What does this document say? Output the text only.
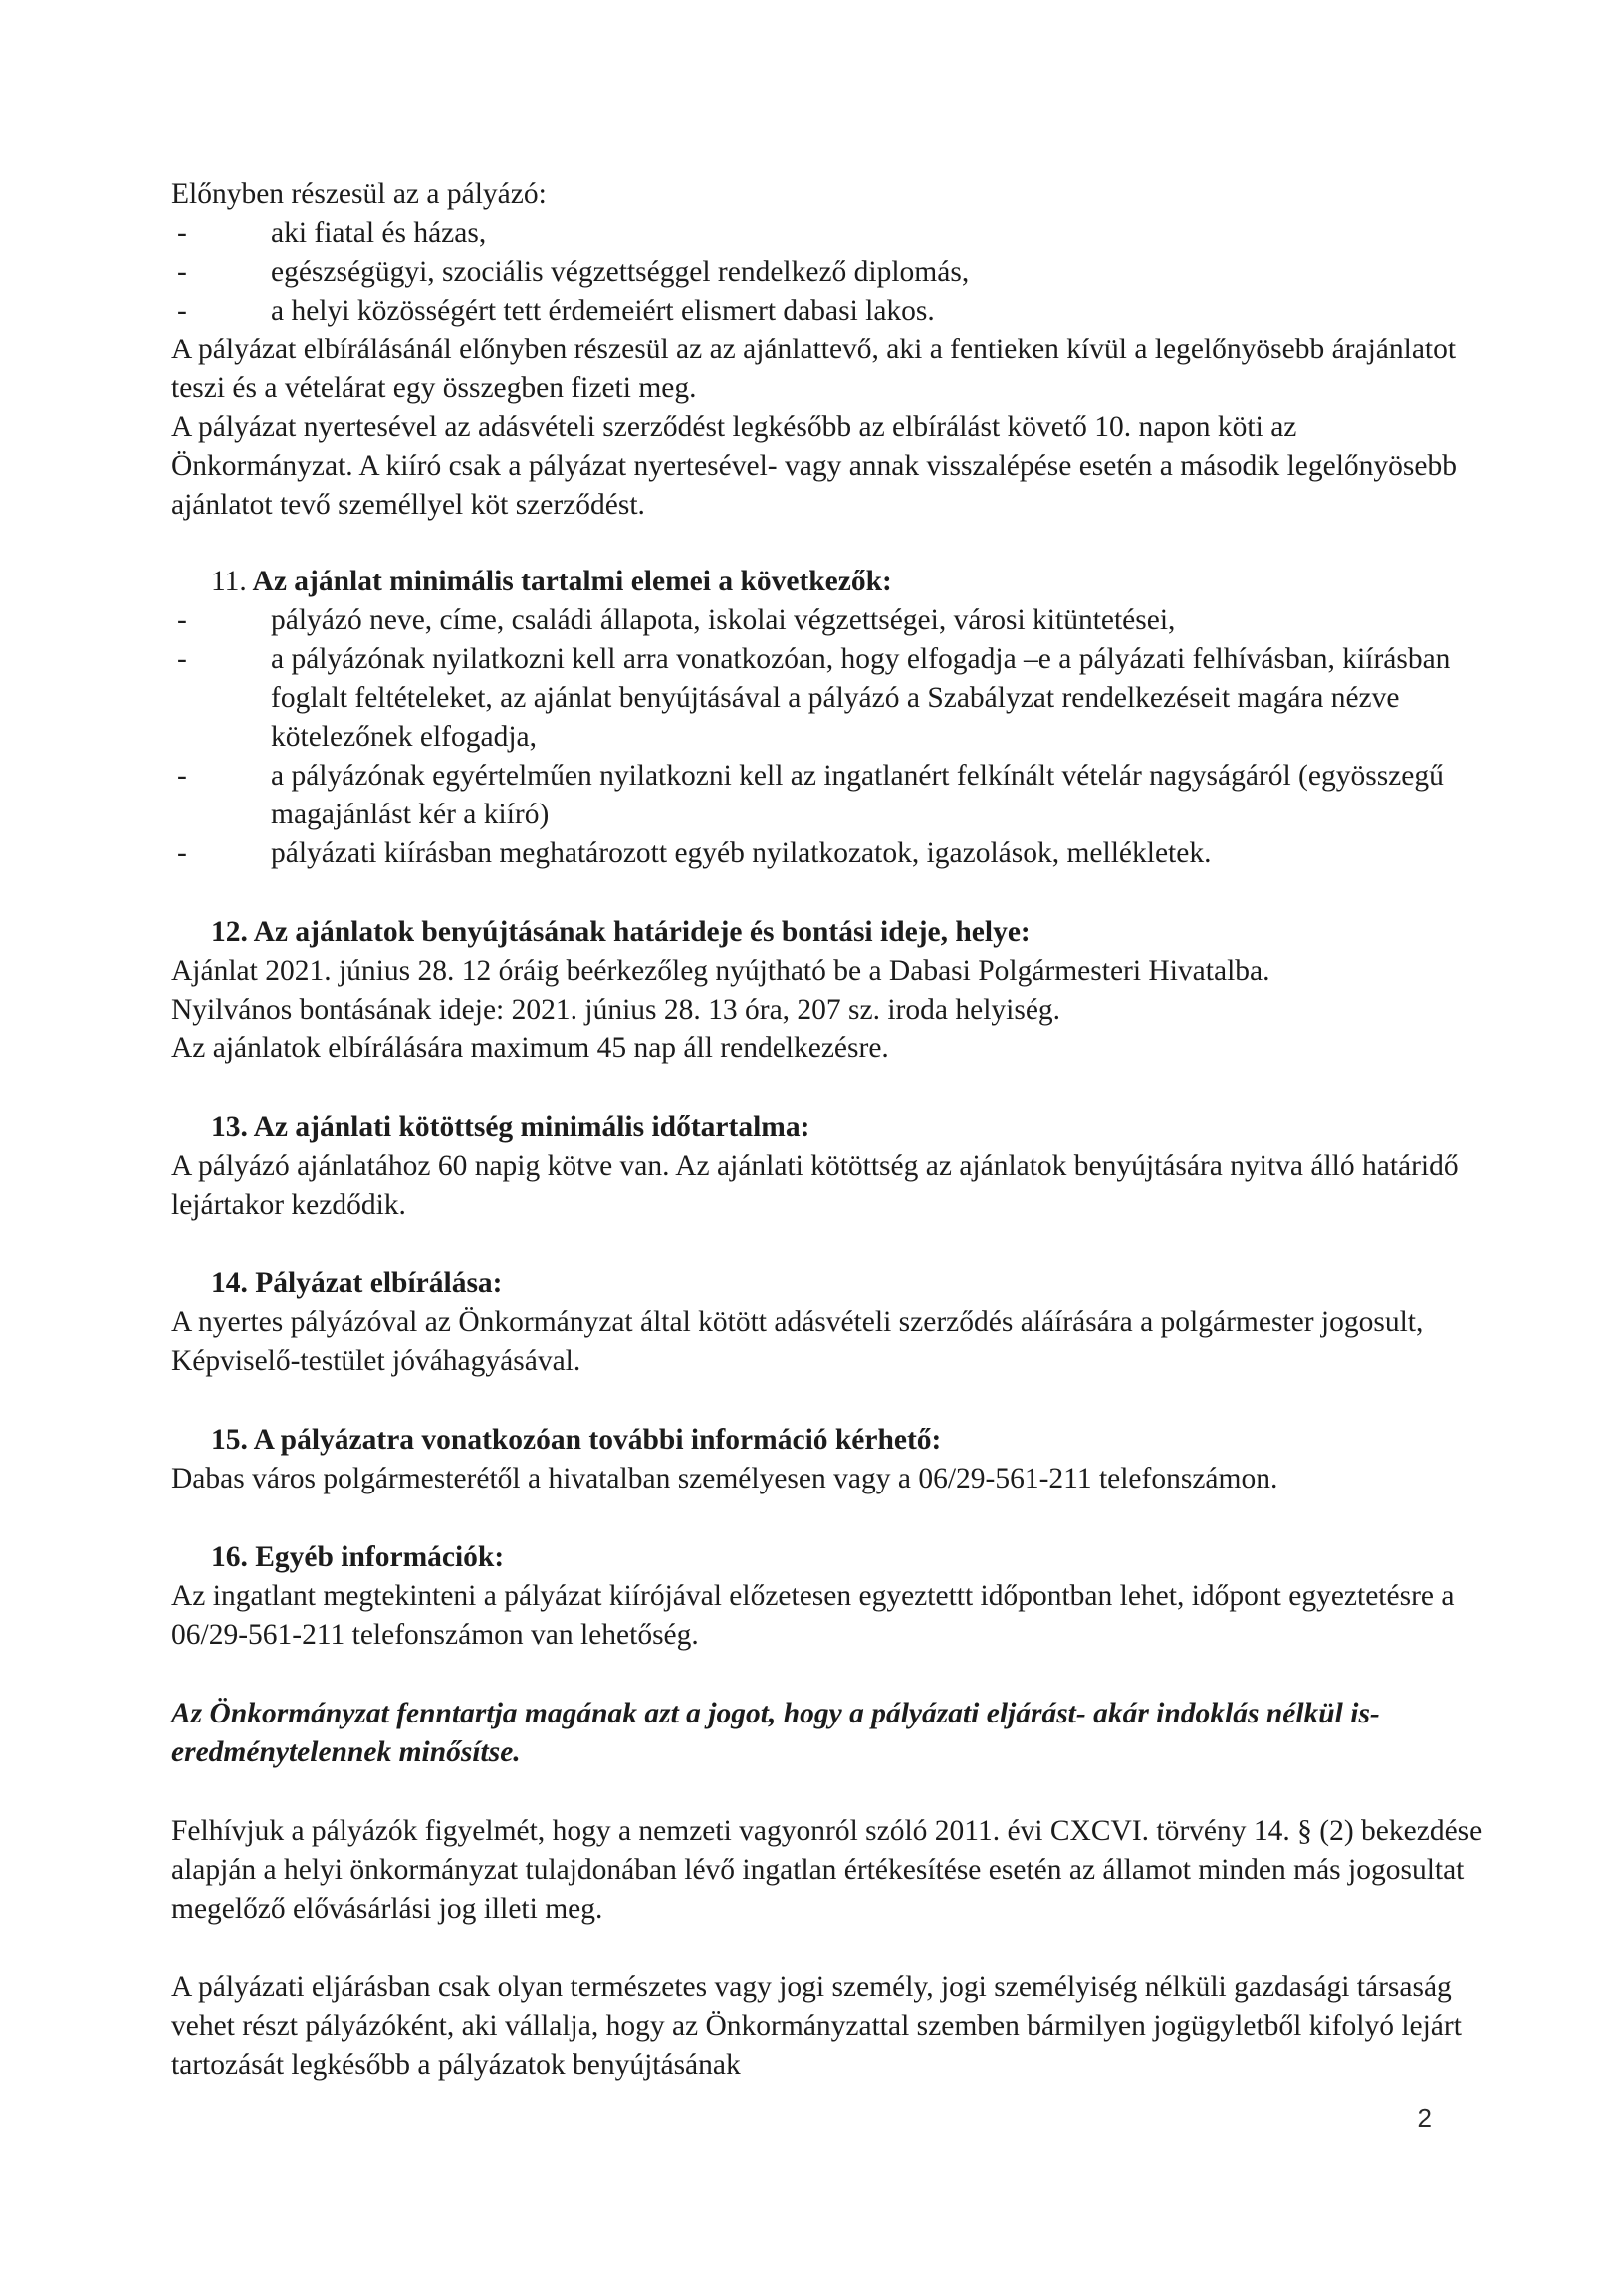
Előnyben részesül az a pályázó:

- aki fiatal és házas,
- egészségügyi, szociális végzettséggel rendelkező diplomás,
- a helyi közösségért tett érdemeiért elismert dabasi lakos.

A pályázat elbírálásánál előnyben részesül az az ajánlattevő, aki a fentieken kívül a legelőnyösebb árajánlatot teszi és a vételárat egy összegben fizeti meg.

A pályázat nyertesével az adásvételi szerződést legkésőbb az elbírálást követő 10. napon köti az Önkormányzat. A kiíró csak a pályázat nyertesével- vagy annak visszalépése esetén a második legelőnyösebb ajánlatot tevő személlyel köt szerződést.

11. Az ajánlat minimális tartalmi elemei a következők:

- pályázó neve, címe, családi állapota, iskolai végzettségei, városi kitüntetései,
- a pályázónak nyilatkozni kell arra vonatkozóan, hogy elfogadja –e a pályázati felhívásban, kiírásban foglalt feltételeket, az ajánlat benyújtásával a pályázó a Szabályzat rendelkezéseit magára nézve kötelezőnek elfogadja,
- a pályázónak egyértelműen nyilatkozni kell az ingatlanért felkínált vételár nagyságáról (egyösszegű magajánlást kér a kiíró)
- pályázati kiírásban meghatározott egyéb nyilatkozatok, igazolások, mellékletek.

12. Az ajánlatok benyújtásának határideje és bontási ideje, helye:

Ajánlat 2021. június 28. 12 óráig beérkezőleg nyújtható be a Dabasi Polgármesteri Hivatalba.

Nyilvános bontásának ideje: 2021. június 28. 13 óra, 207 sz. iroda helyiség.

Az ajánlatok elbírálására maximum 45 nap áll rendelkezésre.

13. Az ajánlati kötöttség minimális időtartalma:

A pályázó ajánlatához 60 napig kötve van. Az ajánlati kötöttség az ajánlatok benyújtására nyitva álló határidő lejártakor kezdődik.

14. Pályázat elbírálása:

A nyertes pályázóval az Önkormányzat által kötött adásvételi szerződés aláírására a polgármester jogosult, Képviselő-testület jóváhagyásával.

15. A pályázatra vonatkozóan további információ kérhető:

Dabas város polgármesterétől a hivatalban személyesen vagy a 06/29-561-211 telefonszámon.

16. Egyéb információk:

Az ingatlant megtekinteni a pályázat kiírójával előzetesen egyeztettt időpontban lehet, időpont egyeztetésre a 06/29-561-211 telefonszámon van lehetőség.

Az Önkormányzat fenntartja magának azt a jogot, hogy a pályázati eljárást- akár indoklás nélkül is- eredménytelennek minősítse.

Felhívjuk a pályázók figyelmét, hogy a nemzeti vagyonról szóló 2011. évi CXCVI. törvény 14. § (2) bekezdése alapján a helyi önkormányzat tulajdonában lévő ingatlan értékesítése esetén az államot minden más jogosultat megelőző elővásárlási jog illeti meg.

A pályázati eljárásban csak olyan természetes vagy jogi személy, jogi személyiség nélküli gazdasági társaság vehet részt pályázóként, aki vállalja, hogy az Önkormányzattal szemben bármilyen jogügyletből kifolyó lejárt tartozását legkésőbb a pályázatok benyújtásának

2
